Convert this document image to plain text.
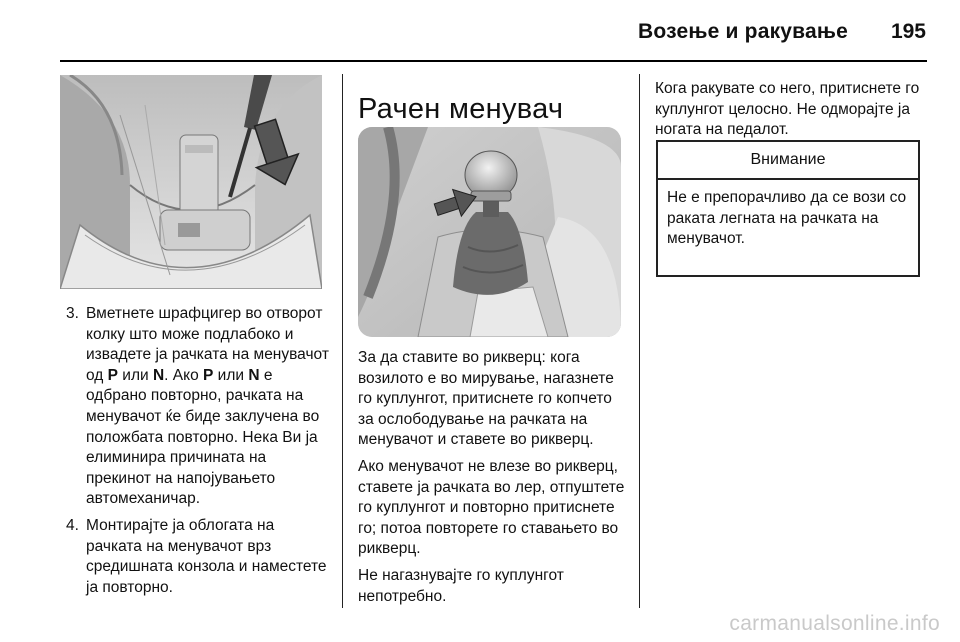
Возење и ракување	195
3. Вметнете шрафцигер во отворот колку што може подлабоко и извадете ја рачката на менувачот од P или N. Ако P или N е одбрано повторно, рачката на менувачот ќе биде заклучена во положбата повторно. Нека Ви ја елиминира причината на прекинот на напојувањето автомеханичар.
4. Монтирајте ја облогата на рачката на менувачот врз средишната конзола и наместете ја повторно.
Рачен менувач

За да ставите во рикверц: кога возилото е во мирување, нагазнете го куплунгот, притиснете го копчето за ослободување на рачката на менувачот и ставете во рикверц.

Ако менувачот не влезе во рикверц, ставете ја рачката во лер, отпуштете го куплунгот и повторно притиснете го; потоа повторете го ставањето во рикверц.

Не нагазнувајте го куплунгот непотребно.

Кога ракувате со него, притиснете го куплунгот целосно. Не одморајте ја ногата на педалот.

Внимание
Не е препорачливо да се вози со раката легната на рачката на менувачот.
carmanualsonline.info
